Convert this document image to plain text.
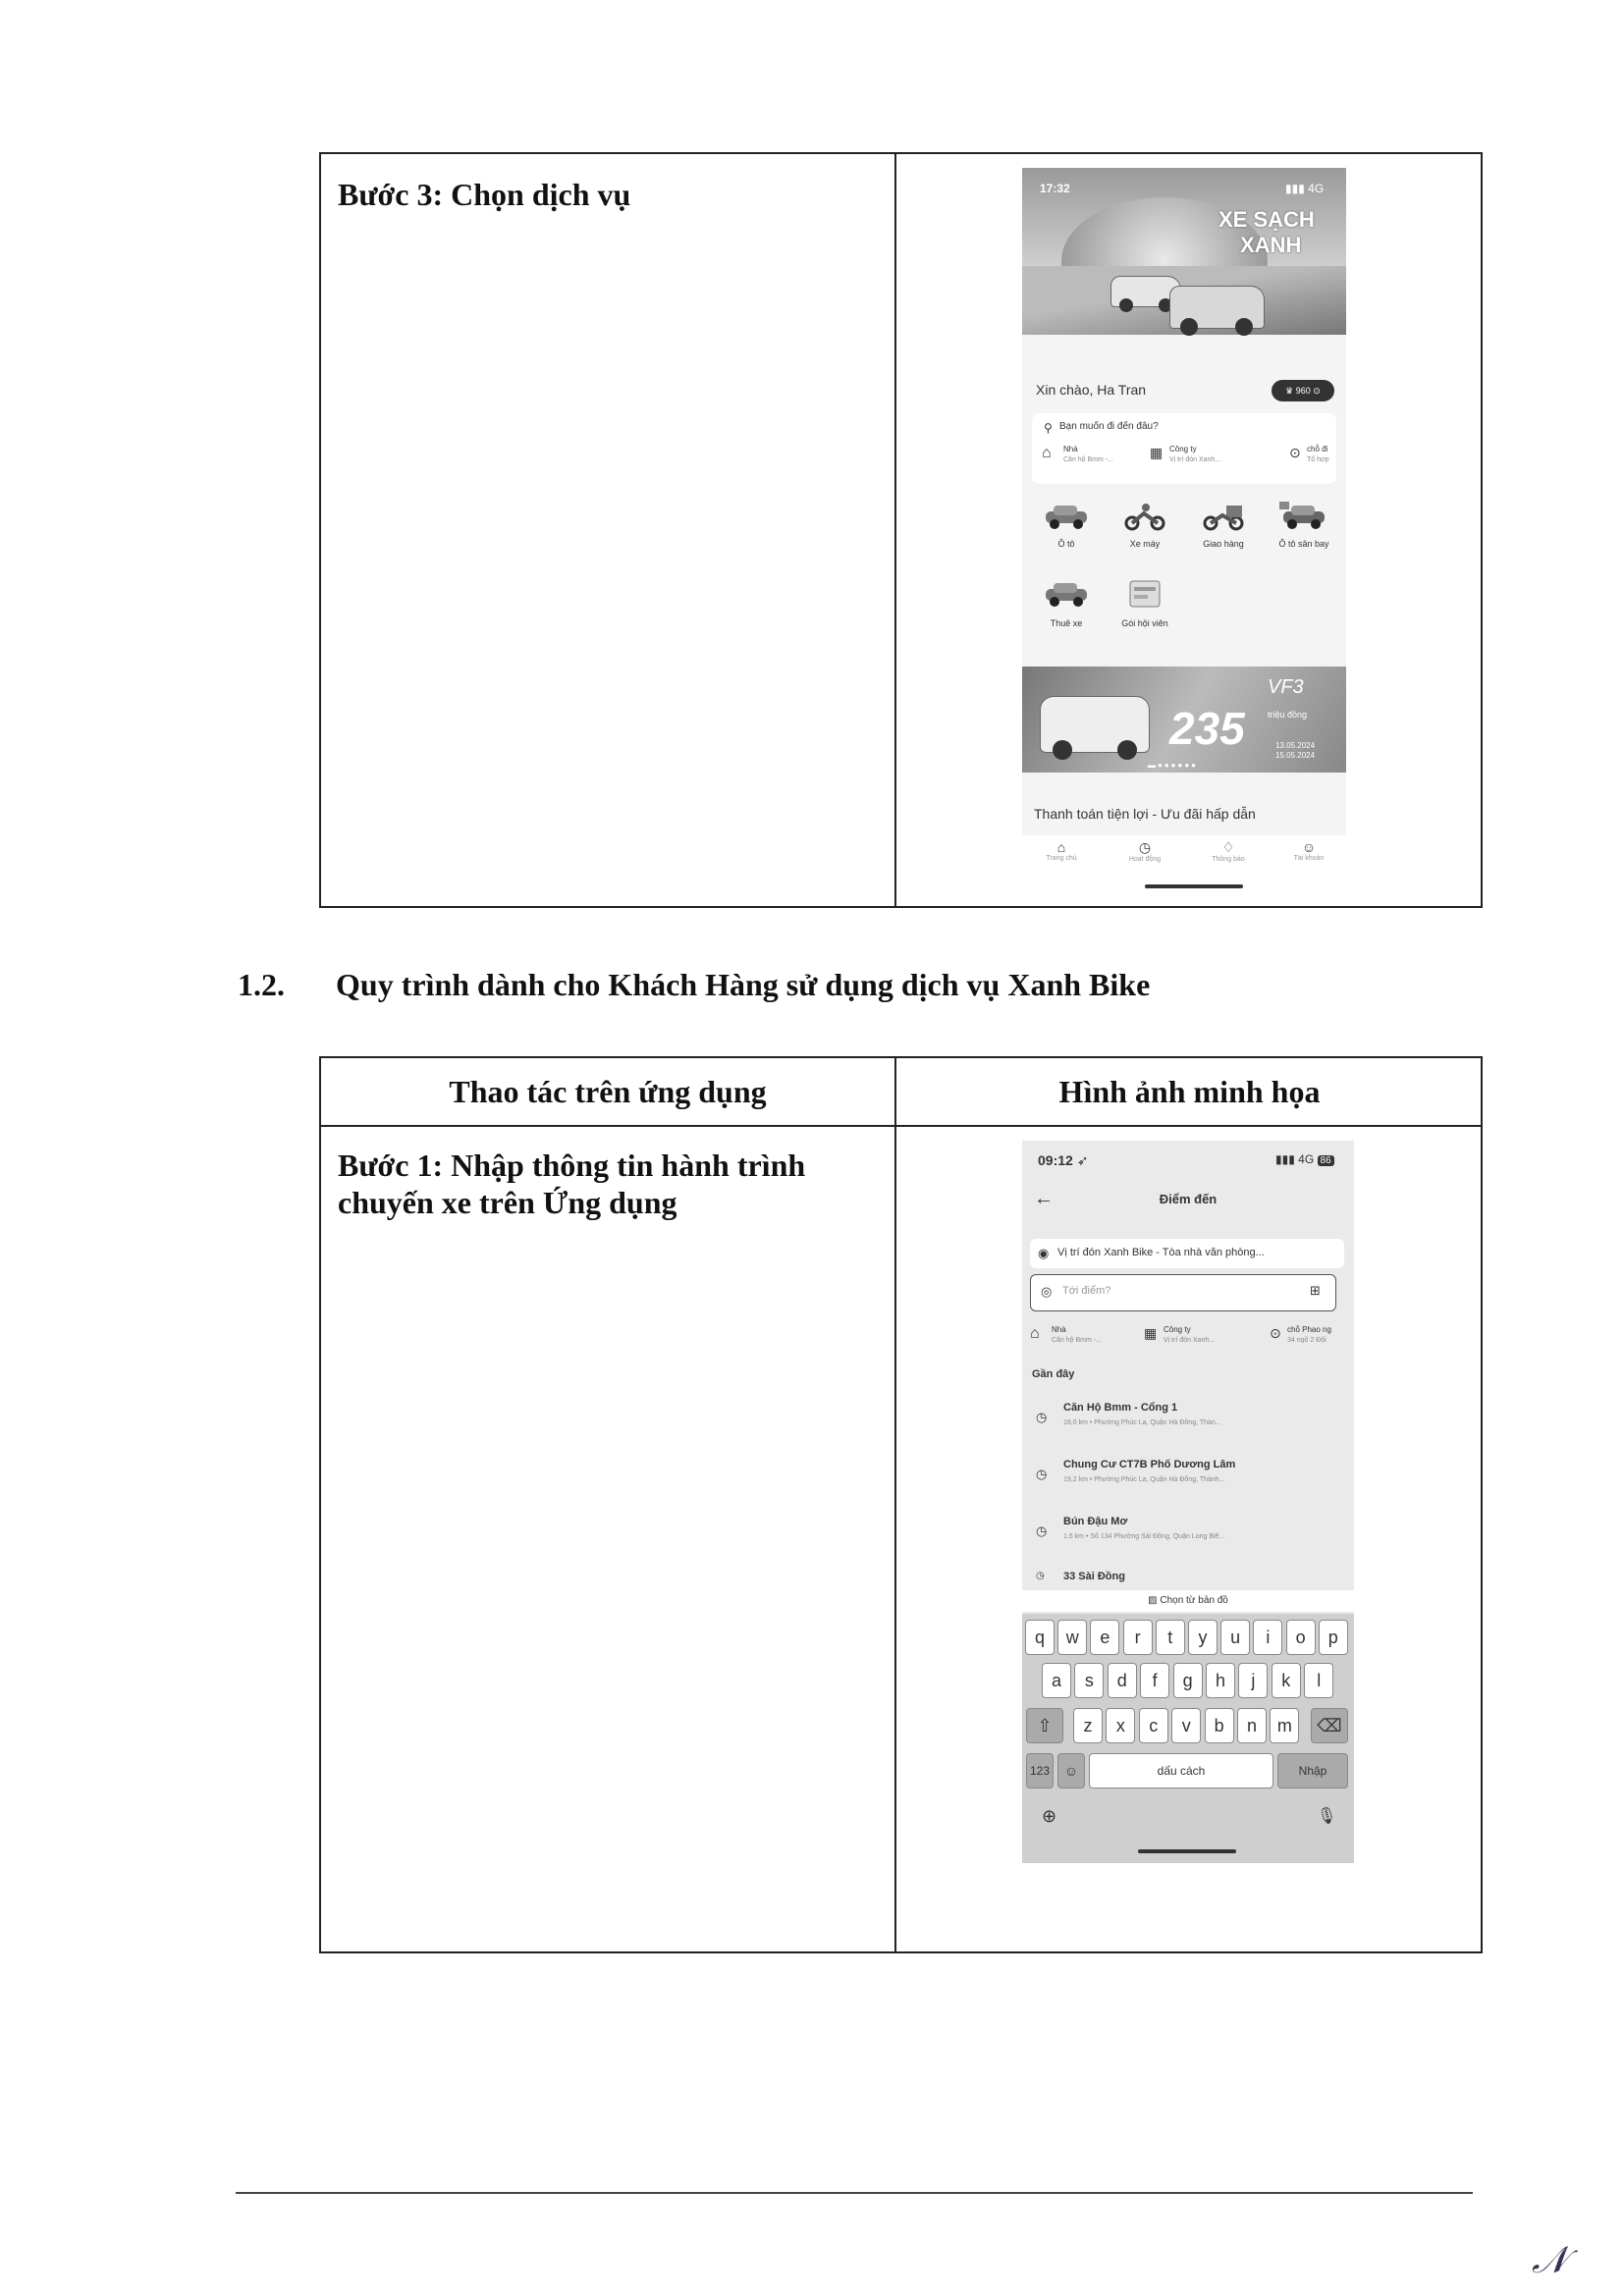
Bước 3: Chọn dịch vụ
XE SẠCH
XANH
17:32	▮▮▮ 4G
Xin chào, Ha Tran	♛ 960 ⊙
⚲ Bạn muốn đi đến đâu?
⌂ Nhà
Căn hộ Bmm -...	▦ Công ty
Vị trí đón Xanh...	⊙ chỗ đi
Tổ hợp
Ô tô	Xe máy	Giao hàng	Ô tô sân bay
Thuê xe	Gói hội viên
VF3
235	triệu đồng
13.05.2024
15.05.2024
▬●●●●●●
Thanh toán tiện lợi - Ưu đãi hấp dẫn
⌂
Trang chủ
◷
Hoạt động
♢
Thông báo
☺
Tài khoản
1.2. Quy trình dành cho Khách Hàng sử dụng dịch vụ Xanh Bike
Thao tác trên ứng dụng	Hình ảnh minh họa
Bước 1: Nhập thông tin hành trình
chuyến xe trên Ứng dụng
09:12 ➶	▮▮▮ 4G 86
←	Điểm đến
◉ Vị trí đón Xanh Bike - Tòa nhà văn phòng...
◎ Tới điểm?	⊞
⌂ Nhà
Căn hộ Bmm -...	▦ Công ty
Vị trí đón Xanh...	⊙ chỗ Phao ng
34 ngõ 2 Đội
Gần đây
◷
Căn Hộ Bmm - Cổng 1
18,0 km • Phường Phúc La, Quận Hà Đông, Thàn...
◷
Chung Cư CT7B Phố Dương Lâm
19,2 km • Phường Phúc La, Quận Hà Đông, Thành...
◷
Bún Đậu Mơ
1,6 km • Số 134 Phường Sài Đồng, Quận Long Biê...
◷ 33 Sài Đồng
▨ Chọn từ bản đồ
q	w	e	r	t	y	u	i	o	p
a	s	d	f	g	h	j	k	l
z	x	c	v	b	n	m
⇧	⌫
123	☺	dấu cách	Nhập
⊕	🎙︎
𝒩
